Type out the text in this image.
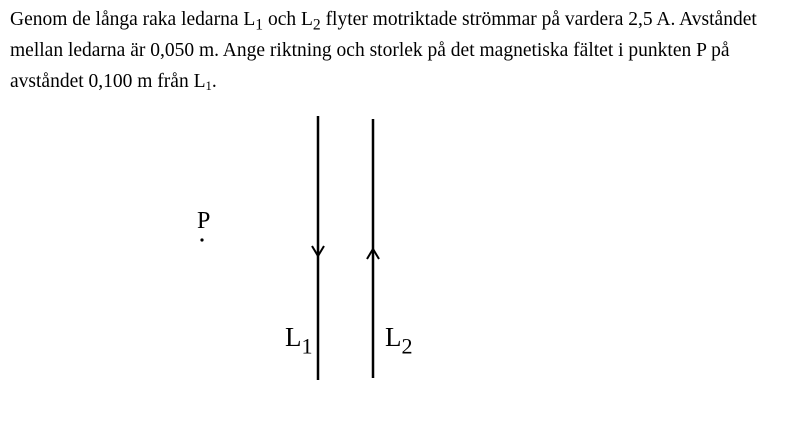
Genom de långa raka ledarna $L_1$ och $L_2$ flyter motriktade strömmar på vardera 2,5 A. Avståndet mellan ledarna är 0,050 m. Ange riktning och storlek på det magnetiska fältet i punkten P på avståndet 0,100 m från L1.

P
$L_1$	$L_2$
